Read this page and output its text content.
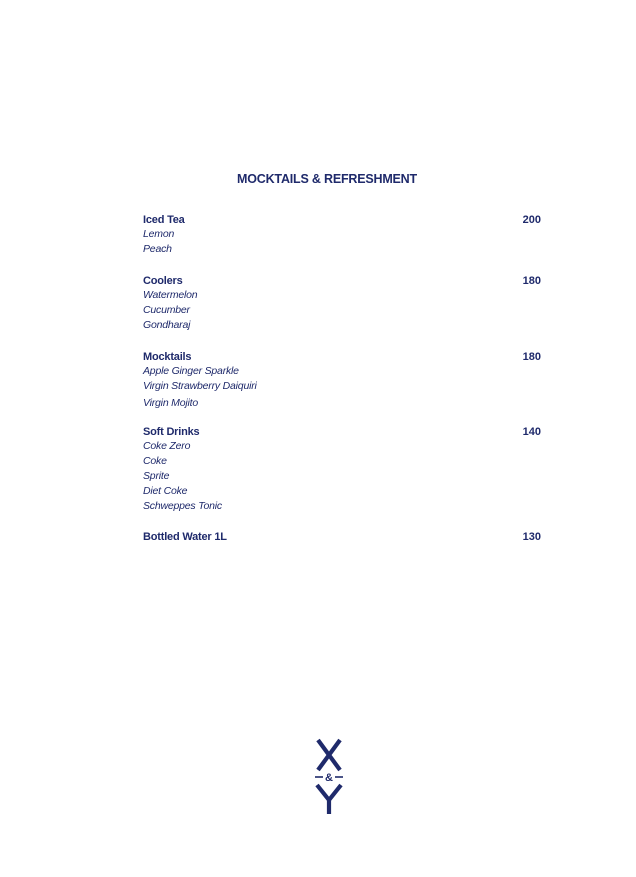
MOCKTAILS & REFRESHMENT
Iced Tea	200
Lemon
Peach
Coolers	180
Watermelon
Cucumber
Gondharaj
Mocktails	180
Apple Ginger Sparkle
Virgin Strawberry Daiquiri
Virgin Mojito
Soft Drinks	140
Coke Zero
Coke
Sprite
Diet Coke
Schweppes Tonic
Bottled Water 1L	130
&
